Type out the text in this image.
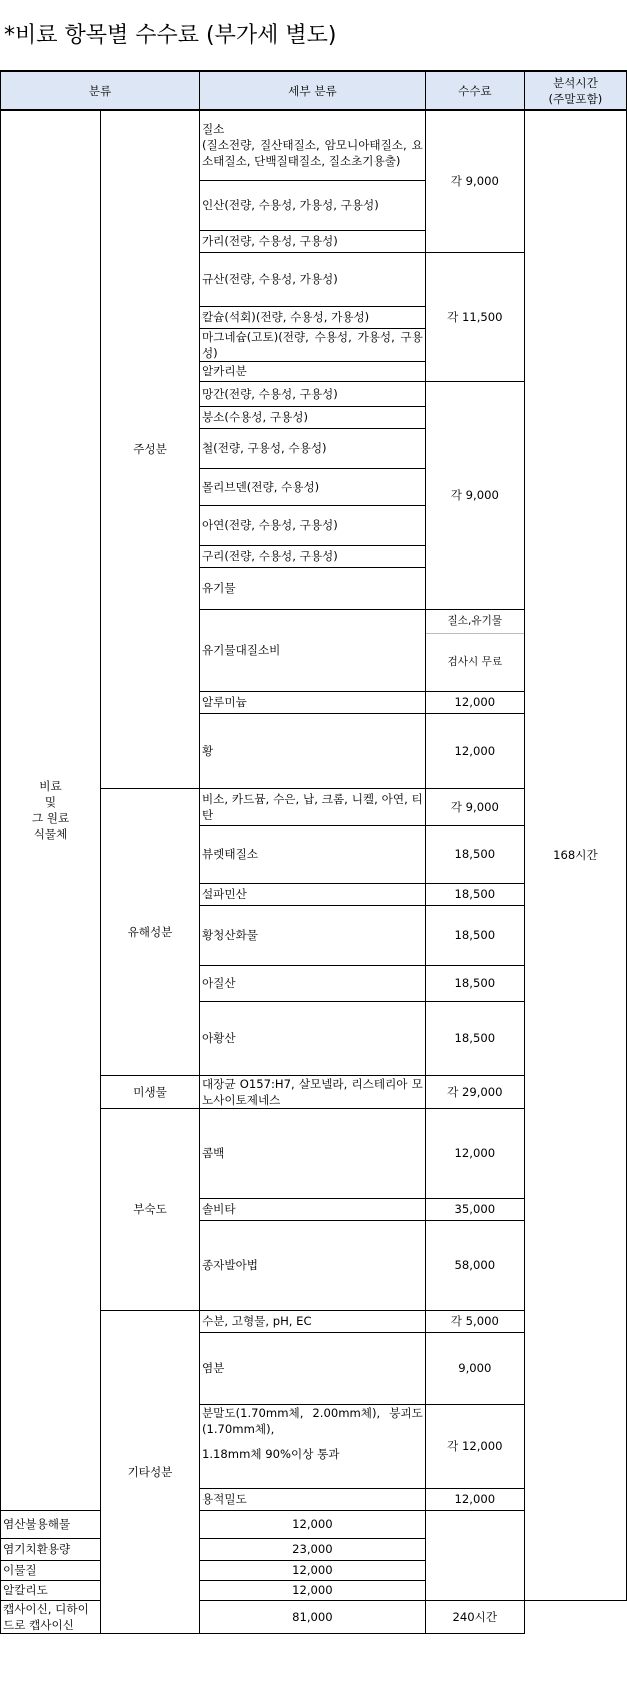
*비료 항목별 수수료 (부가세 별도)
분류		세부 분류	수수료	분석시간
(주말포함)
비료
및
그 원료
식물체	주성분	질소
(질소전량, 질산태질소, 암모니아태질소, 요소태질소, 단백질태질소, 질소초기용출)	각 9,000	168시간
		인산(전량, 수용성, 가용성, 구용성)		
		가리(전량, 수용성, 구용성)		
		규산(전량, 수용성, 가용성)	각 11,500	
		칼슘(석회)(전량, 수용성, 가용성)		
		마그네슘(고토)(전량, 수용성, 가용성, 구용성)		
		알카리분		
		망간(전량, 수용성, 구용성)	각 9,000	
		붕소(수용성, 구용성)		
		철(전량, 구용성, 수용성)		
		몰리브덴(전량, 수용성)		
		아연(전량, 수용성, 구용성)		
		구리(전량, 수용성, 구용성)		
		유기물		
		유기물대질소비	질소,유기물	
			검사시 무료	
		알루미늄	12,000	
		황	12,000	
	유해성분	비소, 카드뮴, 수은, 납, 크롬, 니켈, 아연, 티탄	각 9,000	
		뷰렛태질소	18,500	
		설파민산	18,500	
		황청산화물	18,500	
		아질산	18,500	
		아황산	18,500	
	미생물	대장균 O157:H7, 살모넬라, 리스테리아 모노사이토제네스	각 29,000	
	부숙도	콤백	12,000	
		솔비타	35,000	
		종자발아법	58,000	
	기타성분	수분, 고형물, pH, EC	각 5,000	
		염분	9,000	
		분말도(1.70mm체, 2.00mm체), 붕괴도(1.70mm체),	각 12,000	
		1.18mm체 90%이상 통과		
		용적밀도	12,000	
염산불용해물		12,000		
염기치환용량		23,000		
이물질		12,000		
알칼리도		12,000		
캡사이신, 디하이드로 캡사이신		81,000	240시간	
